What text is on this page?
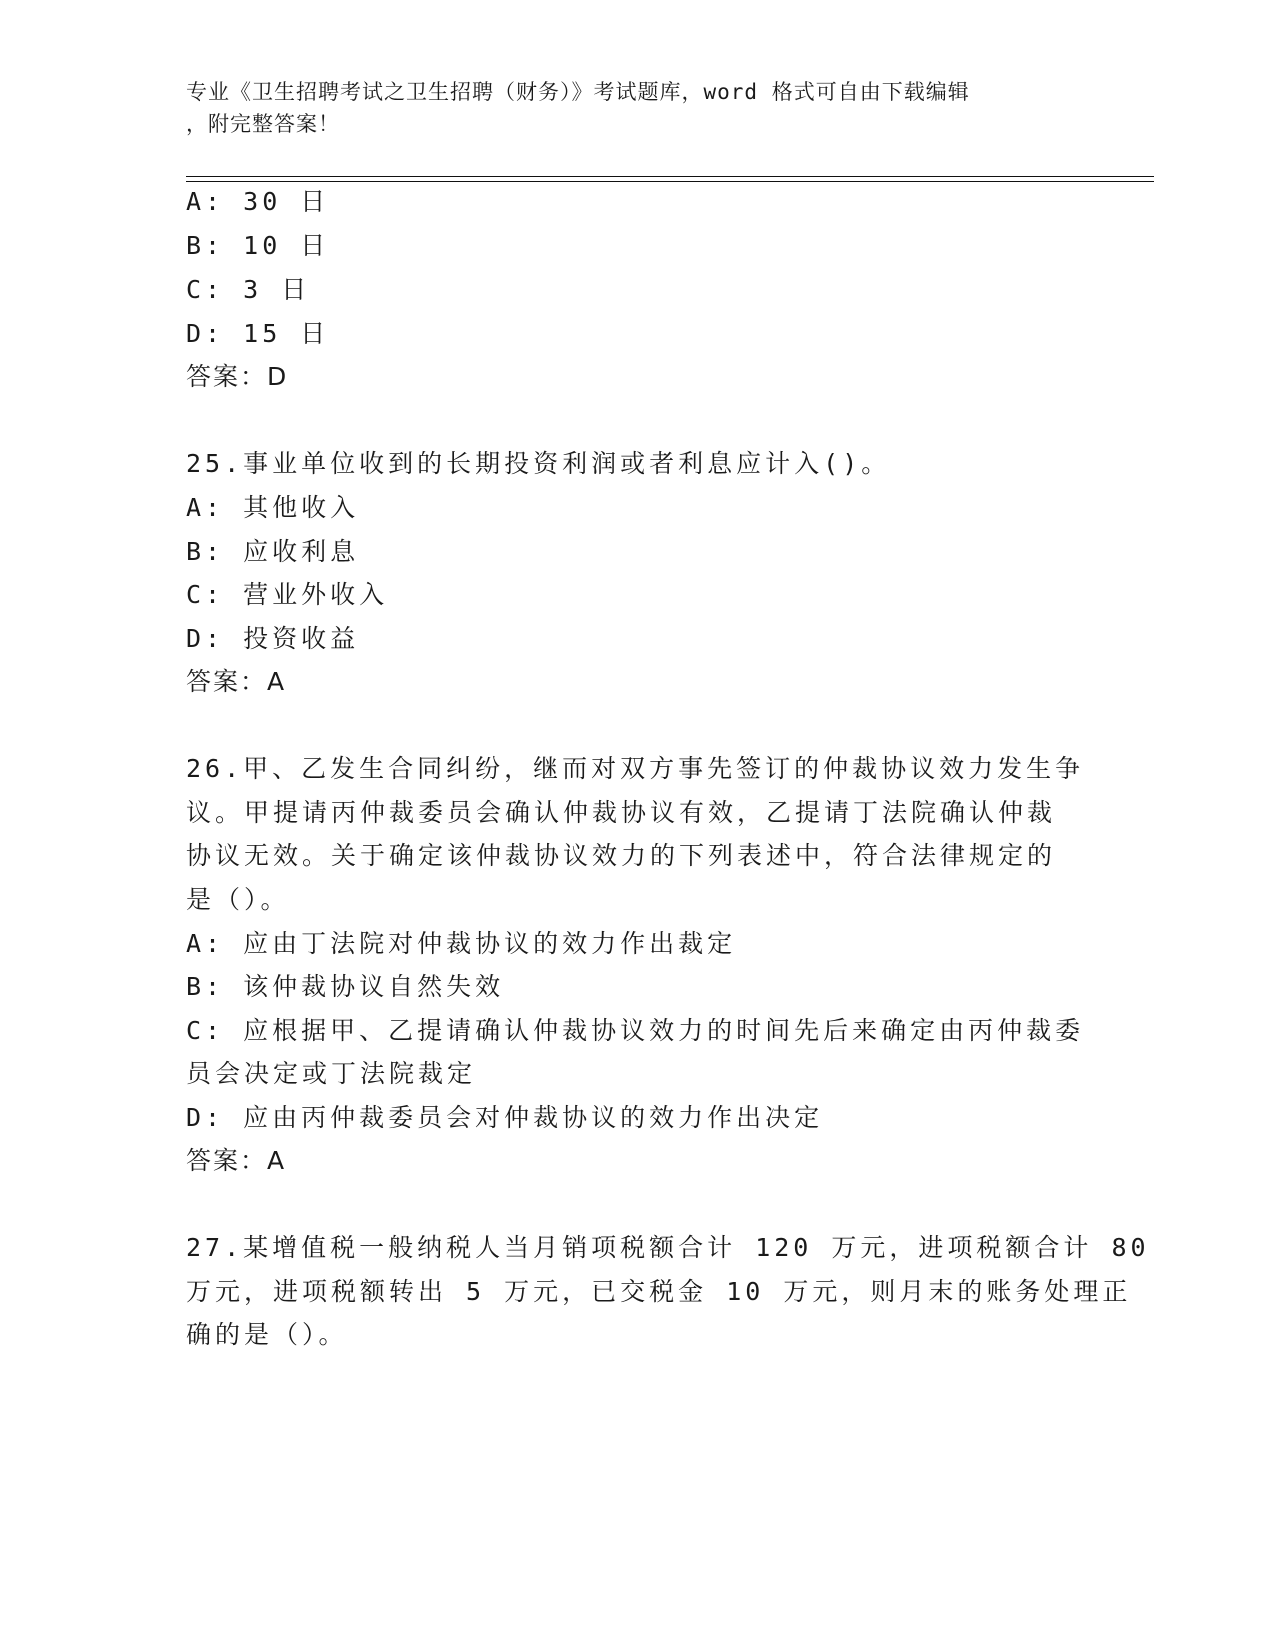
专业《卫生招聘考试之卫生招聘（财务）》考试题库，word 格式可自由下载编辑
，附完整答案！
A: 30 日
B: 10 日
C: 3 日
D: 15 日
答案：D
25.事业单位收到的长期投资利润或者利息应计入()。
A: 其他收入
B: 应收利息
C: 营业外收入
D: 投资收益
答案：A
26.甲、乙发生合同纠纷，继而对双方事先签订的仲裁协议效力发生争
议。甲提请丙仲裁委员会确认仲裁协议有效，乙提请丁法院确认仲裁
协议无效。关于确定该仲裁协议效力的下列表述中，符合法律规定的
是（）。
A: 应由丁法院对仲裁协议的效力作出裁定
B: 该仲裁协议自然失效
C: 应根据甲、乙提请确认仲裁协议效力的时间先后来确定由丙仲裁委
员会决定或丁法院裁定
D: 应由丙仲裁委员会对仲裁协议的效力作出决定
答案：A
27.某增值税一般纳税人当月销项税额合计 120 万元，进项税额合计 80
万元，进项税额转出 5 万元，已交税金 10 万元，则月末的账务处理正
确的是（）。
